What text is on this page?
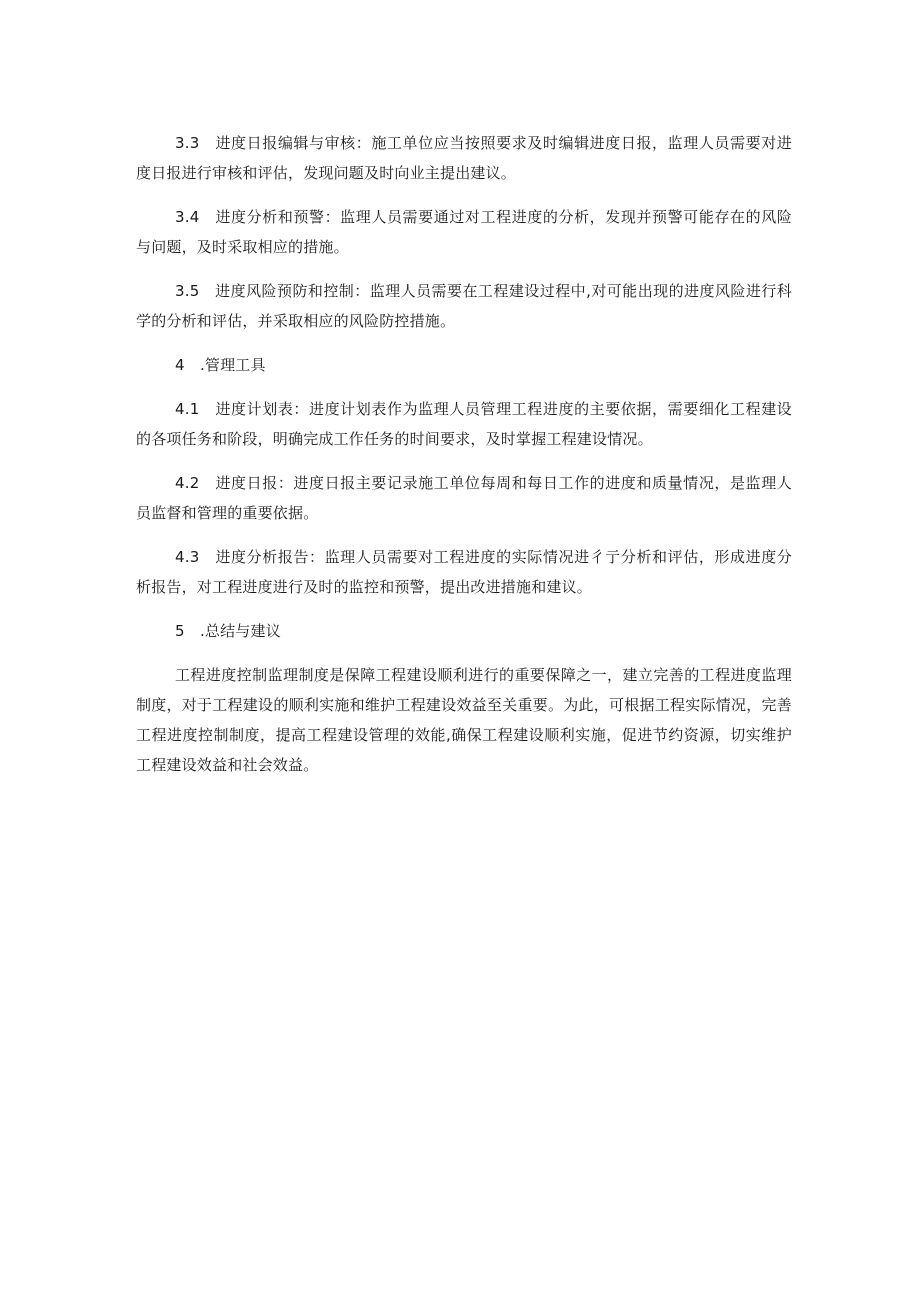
3.3　进度日报编辑与审核：施工单位应当按照要求及时编辑进度日报，监理人员需要对进度日报进行审核和评估，发现问题及时向业主提出建议。

3.4　进度分析和预警：监理人员需要通过对工程进度的分析，发现并预警可能存在的风险与问题，及时采取相应的措施。

3.5　进度风险预防和控制：监理人员需要在工程建设过程中,对可能出现的进度风险进行科学的分析和评估，并采取相应的风险防控措施。

4　.管理工具

4.1　进度计划表：进度计划表作为监理人员管理工程进度的主要依据，需要细化工程建设的各项任务和阶段，明确完成工作任务的时间要求，及时掌握工程建设情况。

4.2　进度日报：进度日报主要记录施工单位每周和每日工作的进度和质量情况，是监理人员监督和管理的重要依据。

4.3　进度分析报告：监理人员需要对工程进度的实际情况进彳亍分析和评估，形成进度分析报告，对工程进度进行及时的监控和预警，提出改进措施和建议。

5　.总结与建议

工程进度控制监理制度是保障工程建设顺利进行的重要保障之一，建立完善的工程进度监理制度，对于工程建设的顺利实施和维护工程建设效益至关重要。为此，可根据工程实际情况，完善工程进度控制制度，提高工程建设管理的效能,确保工程建设顺利实施，促进节约资源，切实维护工程建设效益和社会效益。
